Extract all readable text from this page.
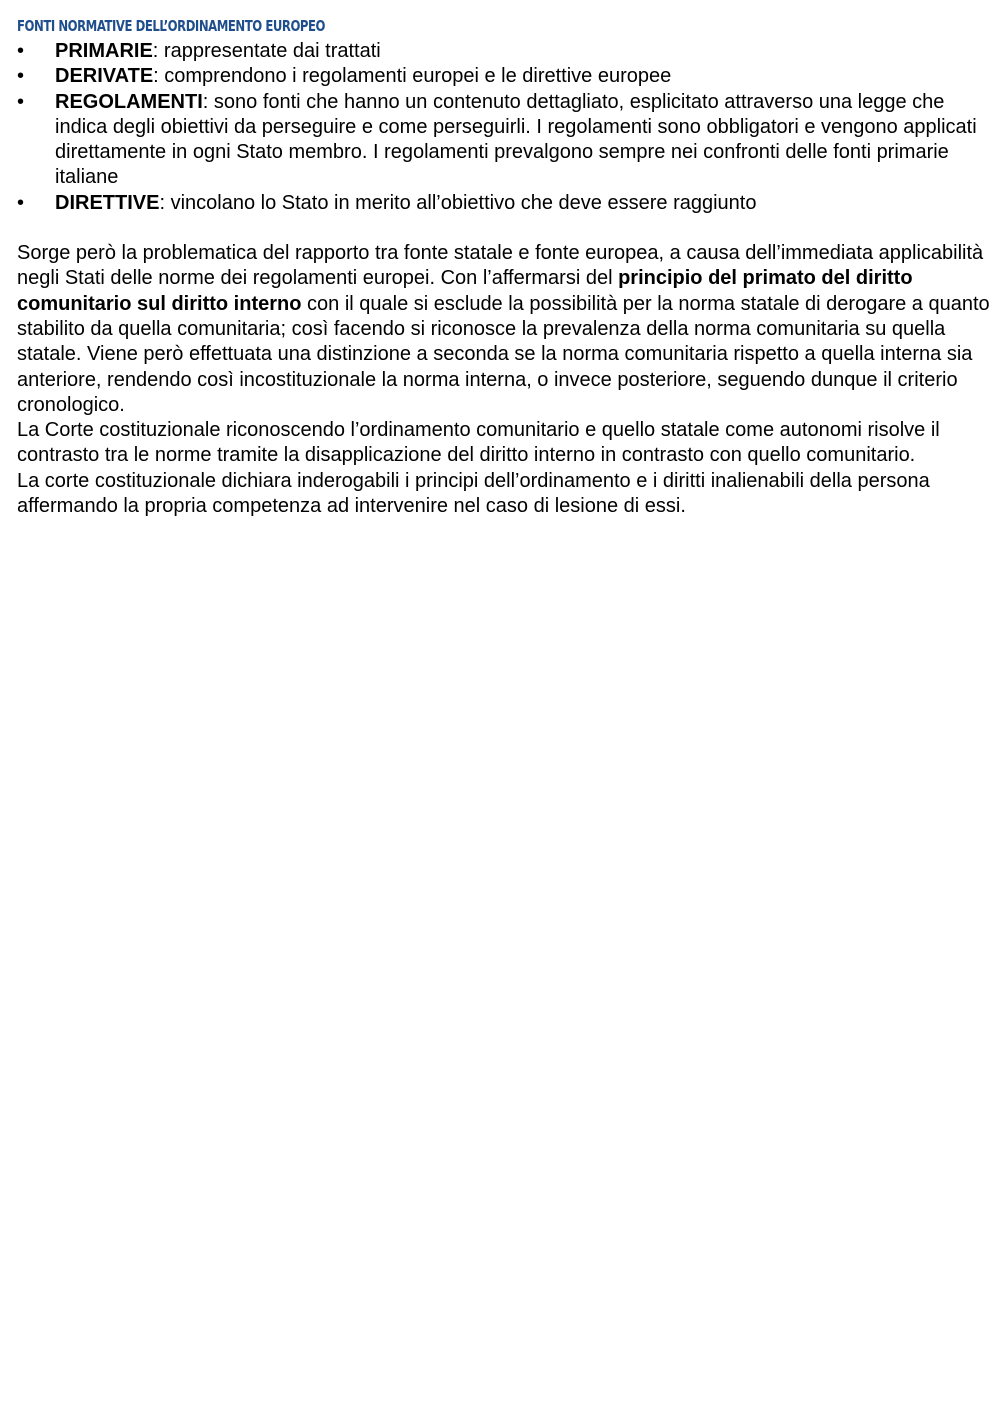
FONTI NORMATIVE DELL’ORDINAMENTO EUROPEO
• PRIMARIE: rappresentate dai trattati
• DERIVATE: comprendono i regolamenti europei e le direttive europee
• REGOLAMENTI: sono fonti che hanno un contenuto dettagliato, esplicitato attraverso una legge che indica degli obiettivi da perseguire e come perseguirli. I regolamenti sono obbligatori e vengono applicati direttamente in ogni Stato membro. I regolamenti prevalgono sempre nei confronti delle fonti primarie italiane
• DIRETTIVE: vincolano lo Stato in merito all’obiettivo che deve essere raggiunto

Sorge però la problematica del rapporto tra fonte statale e fonte europea, a causa dell’immediata applicabilità negli Stati delle norme dei regolamenti europei. Con l’affermarsi del principio del primato del diritto comunitario sul diritto interno con il quale si esclude la possibilità per la norma statale di derogare a quanto stabilito da quella comunitaria; così facendo si riconosce la prevalenza della norma comunitaria su quella statale. Viene però effettuata una distinzione a seconda se la norma comunitaria rispetto a quella interna sia anteriore, rendendo così incostituzionale la norma interna, o invece posteriore, seguendo dunque il criterio cronologico.

La Corte costituzionale riconoscendo l’ordinamento comunitario e quello statale come autonomi risolve il contrasto tra le norme tramite la disapplicazione del diritto interno in contrasto con quello comunitario.

La corte costituzionale dichiara inderogabili i principi dell’ordinamento e i diritti inalienabili della persona affermando la propria competenza ad intervenire nel caso di lesione di essi.
